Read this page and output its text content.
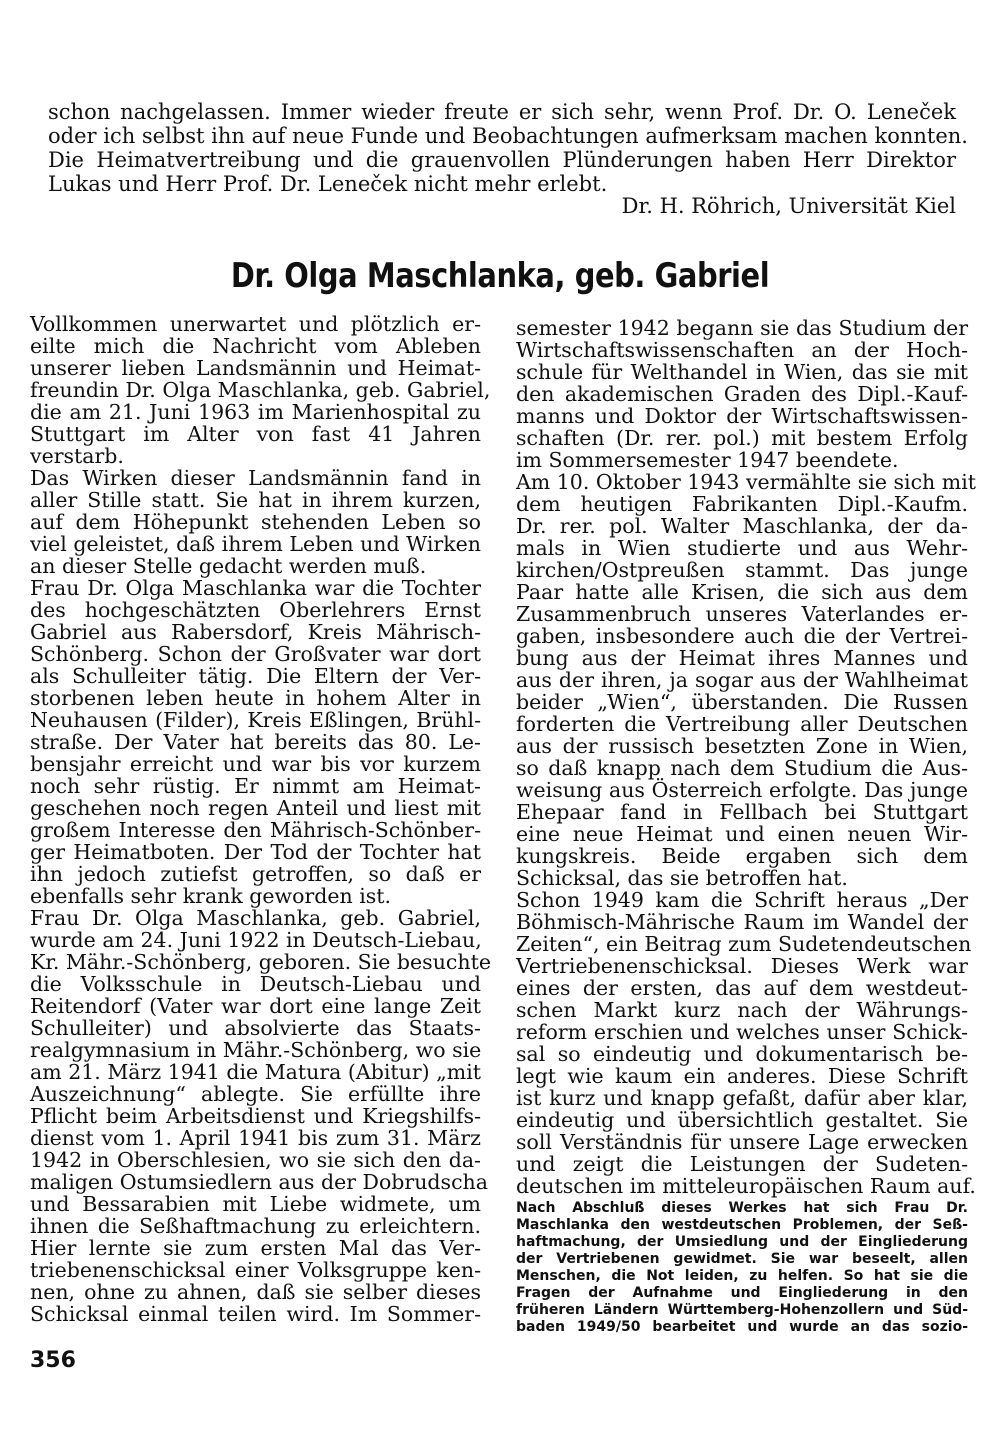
schon nachgelassen. Immer wieder freute er sich sehr, wenn Prof. Dr. O. Leneček
oder ich selbst ihn auf neue Funde und Beobachtungen aufmerksam machen konnten.
Die Heimatvertreibung und die grauenvollen Plünderungen haben Herr Direktor
Lukas und Herr Prof. Dr. Leneček nicht mehr erlebt.
Dr. H. Röhrich, Universität Kiel
Dr. Olga Maschlanka, geb. Gabriel
Vollkommen unerwartet und plötzlich er-
eilte mich die Nachricht vom Ableben
unserer lieben Landsmännin und Heimat-
freundin Dr. Olga Maschlanka, geb. Gabriel,
die am 21. Juni 1963 im Marienhospital zu
Stuttgart im Alter von fast 41 Jahren
verstarb.
Das Wirken dieser Landsmännin fand in
aller Stille statt. Sie hat in ihrem kurzen,
auf dem Höhepunkt stehenden Leben so
viel geleistet, daß ihrem Leben und Wirken
an dieser Stelle gedacht werden muß.
Frau Dr. Olga Maschlanka war die Tochter
des hochgeschätzten Oberlehrers Ernst
Gabriel aus Rabersdorf, Kreis Mährisch-
Schönberg. Schon der Großvater war dort
als Schulleiter tätig. Die Eltern der Ver-
storbenen leben heute in hohem Alter in
Neuhausen (Filder), Kreis Eßlingen, Brühl-
straße. Der Vater hat bereits das 80. Le-
bensjahr erreicht und war bis vor kurzem
noch sehr rüstig. Er nimmt am Heimat-
geschehen noch regen Anteil und liest mit
großem Interesse den Mährisch-Schönber-
ger Heimatboten. Der Tod der Tochter hat
ihn jedoch zutiefst getroffen, so daß er
ebenfalls sehr krank geworden ist.
Frau Dr. Olga Maschlanka, geb. Gabriel,
wurde am 24. Juni 1922 in Deutsch-Liebau,
Kr. Mähr.-Schönberg, geboren. Sie besuchte
die Volksschule in Deutsch-Liebau und
Reitendorf (Vater war dort eine lange Zeit
Schulleiter) und absolvierte das Staats-
realgymnasium in Mähr.-Schönberg, wo sie
am 21. März 1941 die Matura (Abitur) „mit
Auszeichnung“ ablegte. Sie erfüllte ihre
Pflicht beim Arbeitsdienst und Kriegshilfs-
dienst vom 1. April 1941 bis zum 31. März
1942 in Oberschlesien, wo sie sich den da-
maligen Ostumsiedlern aus der Dobrudscha
und Bessarabien mit Liebe widmete, um
ihnen die Seßhaftmachung zu erleichtern.
Hier lernte sie zum ersten Mal das Ver-
triebenenschicksal einer Volksgruppe ken-
nen, ohne zu ahnen, daß sie selber dieses
Schicksal einmal teilen wird. Im Sommer-
semester 1942 begann sie das Studium der
Wirtschaftswissenschaften an der Hoch-
schule für Welthandel in Wien, das sie mit
den akademischen Graden des Dipl.-Kauf-
manns und Doktor der Wirtschaftswissen-
schaften (Dr. rer. pol.) mit bestem Erfolg
im Sommersemester 1947 beendete.
Am 10. Oktober 1943 vermählte sie sich mit
dem heutigen Fabrikanten Dipl.-Kaufm.
Dr. rer. pol. Walter Maschlanka, der da-
mals in Wien studierte und aus Wehr-
kirchen/Ostpreußen stammt. Das junge
Paar hatte alle Krisen, die sich aus dem
Zusammenbruch unseres Vaterlandes er-
gaben, insbesondere auch die der Vertrei-
bung aus der Heimat ihres Mannes und
aus der ihren, ja sogar aus der Wahlheimat
beider „Wien“, überstanden. Die Russen
forderten die Vertreibung aller Deutschen
aus der russisch besetzten Zone in Wien,
so daß knapp nach dem Studium die Aus-
weisung aus Österreich erfolgte. Das junge
Ehepaar fand in Fellbach bei Stuttgart
eine neue Heimat und einen neuen Wir-
kungskreis. Beide ergaben sich dem
Schicksal, das sie betroffen hat.
Schon 1949 kam die Schrift heraus „Der
Böhmisch-Mährische Raum im Wandel der
Zeiten“, ein Beitrag zum Sudetendeutschen
Vertriebenenschicksal. Dieses Werk war
eines der ersten, das auf dem westdeut-
schen Markt kurz nach der Währungs-
reform erschien und welches unser Schick-
sal so eindeutig und dokumentarisch be-
legt wie kaum ein anderes. Diese Schrift
ist kurz und knapp gefaßt, dafür aber klar,
eindeutig und übersichtlich gestaltet. Sie
soll Verständnis für unsere Lage erwecken
und zeigt die Leistungen der Sudeten-
deutschen im mitteleuropäischen Raum auf.
Nach Abschluß dieses Werkes hat sich Frau Dr.
Maschlanka den westdeutschen Problemen, der Seß-
haftmachung, der Umsiedlung und der Eingliederung
der Vertriebenen gewidmet. Sie war beseelt, allen
Menschen, die Not leiden, zu helfen. So hat sie die
Fragen der Aufnahme und Eingliederung in den
früheren Ländern Württemberg-Hohenzollern und Süd-
baden 1949/50 bearbeitet und wurde an das sozio-
356
